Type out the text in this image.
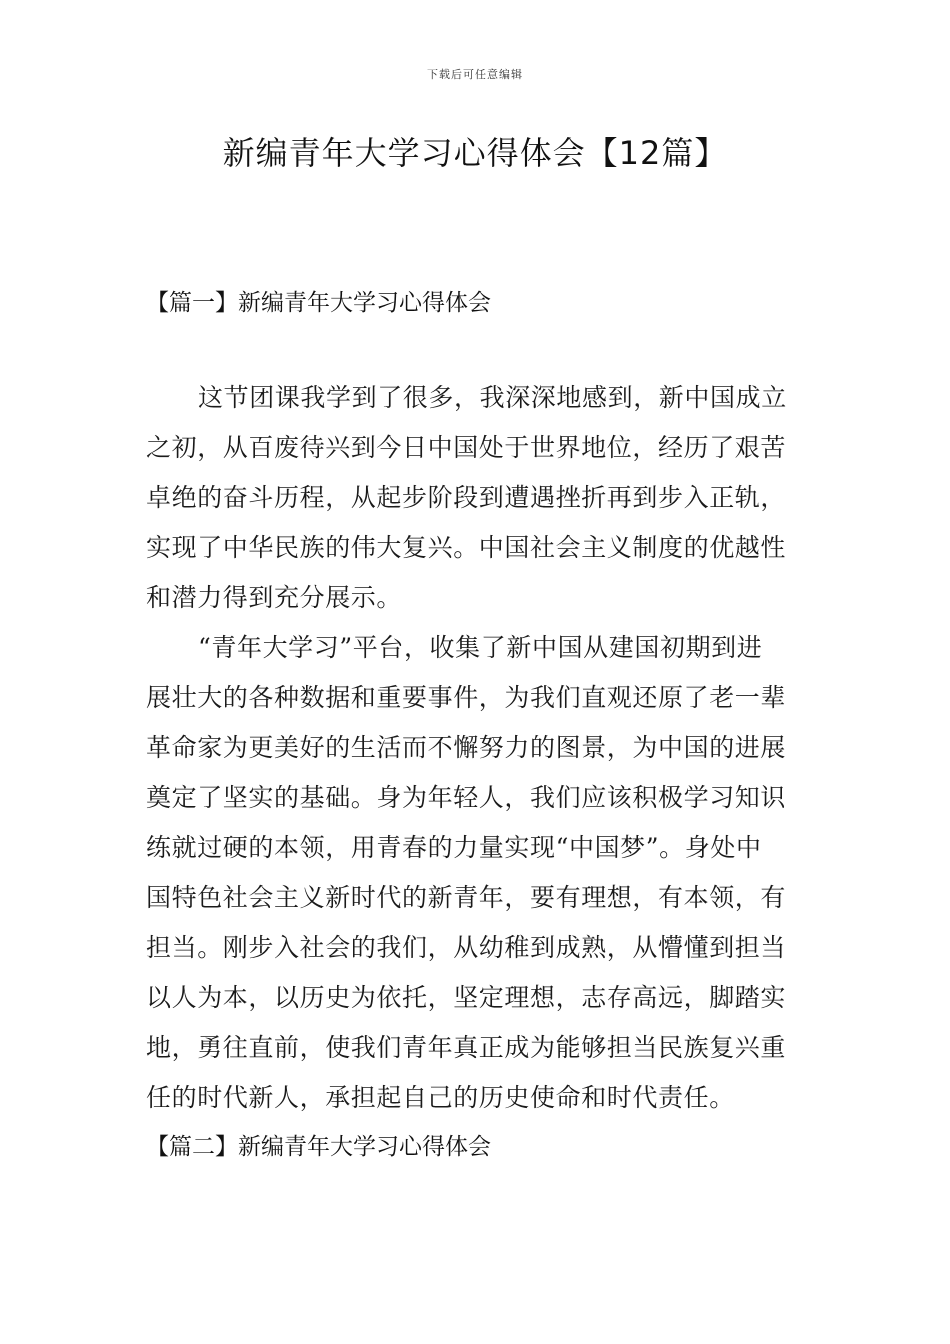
下载后可任意编辑
新编青年大学习心得体会【12篇】
【篇一】新编青年大学习心得体会
这节团课我学到了很多，我深深地感到，新中国成立
之初，从百废待兴到今日中国处于世界地位，经历了艰苦
卓绝的奋斗历程，从起步阶段到遭遇挫折再到步入正轨，
实现了中华民族的伟大复兴。中国社会主义制度的优越性
和潜力得到充分展示。
“青年大学习”平台，收集了新中国从建国初期到进
展壮大的各种数据和重要事件，为我们直观还原了老一辈
革命家为更美好的生活而不懈努力的图景，为中国的进展
奠定了坚实的基础。身为年轻人，我们应该积极学习知识
练就过硬的本领，用青春的力量实现“中国梦”。身处中
国特色社会主义新时代的新青年，要有理想，有本领，有
担当。刚步入社会的我们，从幼稚到成熟，从懵懂到担当
以人为本，以历史为依托，坚定理想，志存高远，脚踏实
地，勇往直前，使我们青年真正成为能够担当民族复兴重
任的时代新人，承担起自己的历史使命和时代责任。
【篇二】新编青年大学习心得体会
